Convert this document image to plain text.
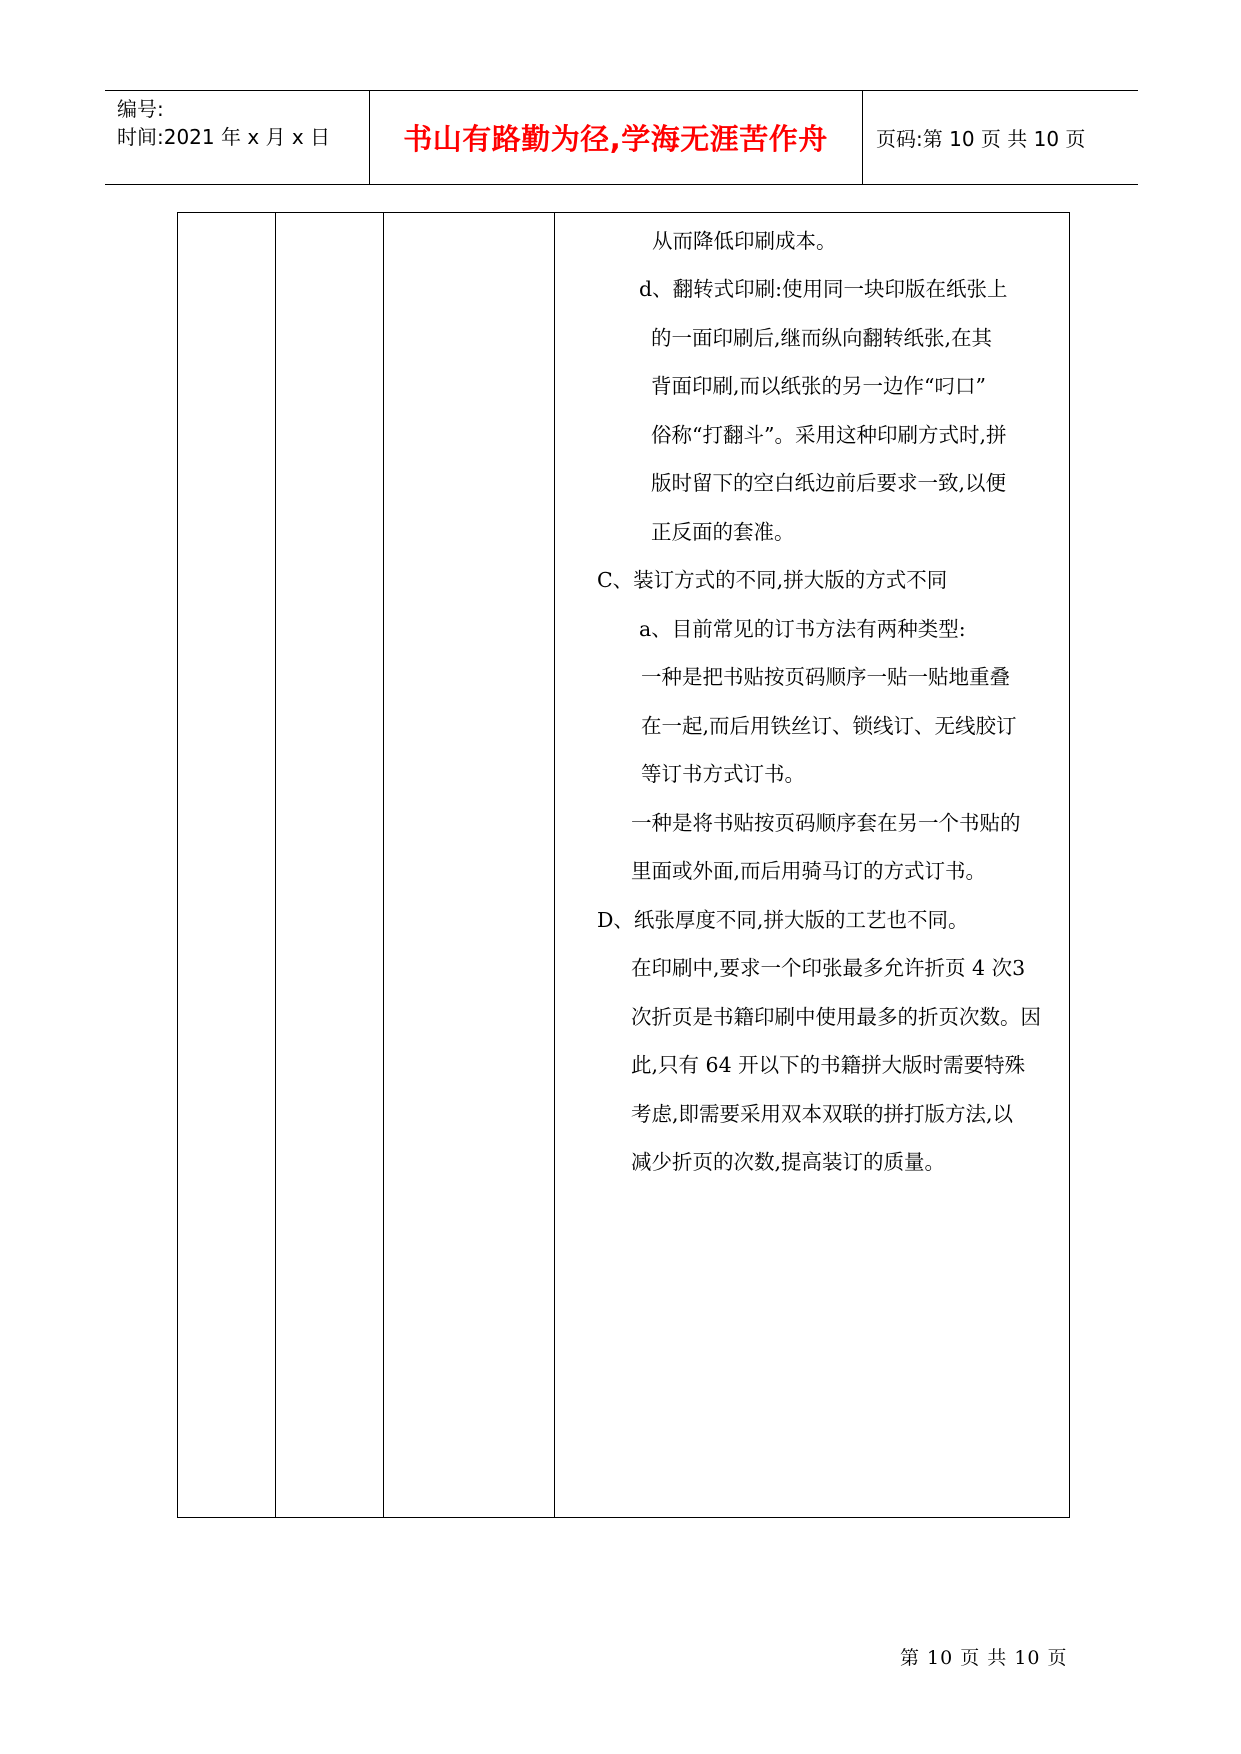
编号:
时间:2021 年 x 月 x 日	书山有路勤为径,学海无涯苦作舟 页码:第 10 页 共 10 页
从而降低印刷成本。
d、翻转式印刷:使用同一块印版在纸张上
的一面印刷后,继而纵向翻转纸张,在其
背面印刷,而以纸张的另一边作“叼口”
俗称“打翻斗”。采用这种印刷方式时,拼
版时留下的空白纸边前后要求一致,以便
正反面的套准。
C、装订方式的不同,拼大版的方式不同
a、目前常见的订书方法有两种类型:
一种是把书贴按页码顺序一贴一贴地重叠
在一起,而后用铁丝订、锁线订、无线胶订
等订书方式订书。
一种是将书贴按页码顺序套在另一个书贴的
里面或外面,而后用骑马订的方式订书。
D、纸张厚度不同,拼大版的工艺也不同。
在印刷中,要求一个印张最多允许折页 4 次3
次折页是书籍印刷中使用最多的折页次数。因
此,只有 64 开以下的书籍拼大版时需要特殊
考虑,即需要采用双本双联的拼打版方法,以
减少折页的次数,提高装订的质量。
第 10 页 共 10 页
